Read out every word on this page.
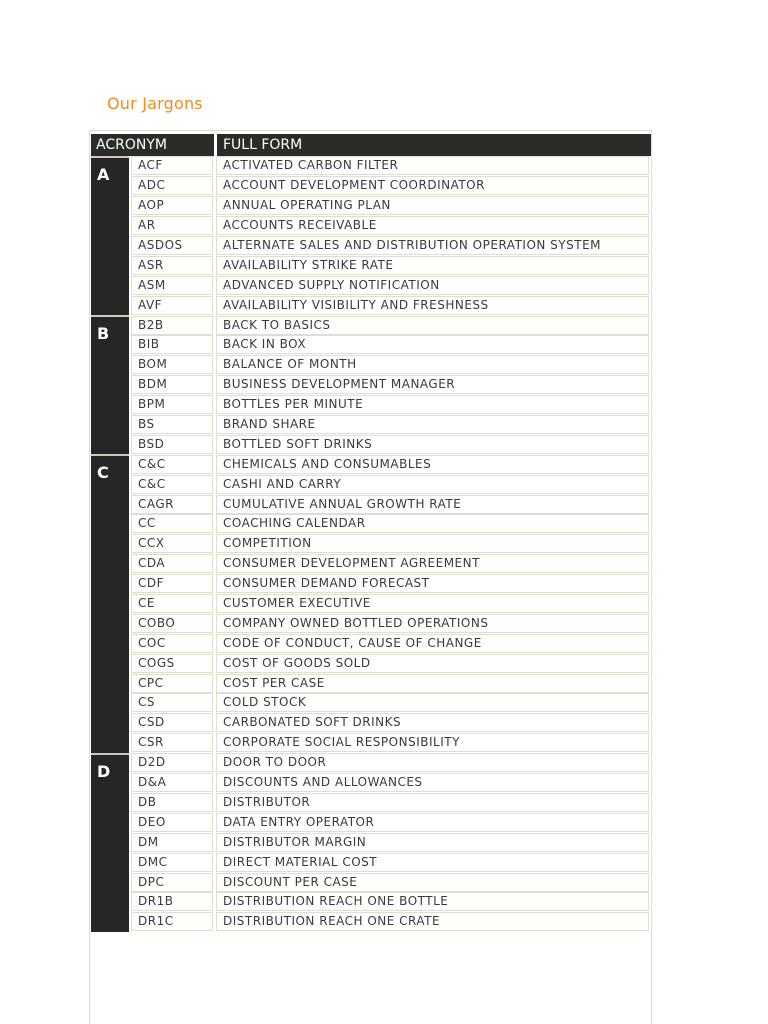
Our Jargons
ACRONYM	FULL FORM
A	ACF	ACTIVATED CARBON FILTER
ADC	ACCOUNT DEVELOPMENT COORDINATOR
AOP	ANNUAL OPERATING PLAN
AR	ACCOUNTS RECEIVABLE
ASDOS	ALTERNATE SALES AND DISTRIBUTION OPERATION SYSTEM
ASR	AVAILABILITY STRIKE RATE
ASM	ADVANCED SUPPLY NOTIFICATION
AVF	AVAILABILITY VISIBILITY AND FRESHNESS
B	B2B	BACK TO BASICS
BIB	BACK IN BOX
BOM	BALANCE OF MONTH
BDM	BUSINESS DEVELOPMENT MANAGER
BPM	BOTTLES PER MINUTE
BS	BRAND SHARE
BSD	BOTTLED SOFT DRINKS
C	C&C	CHEMICALS AND CONSUMABLES
C&C	CASHI AND CARRY
CAGR	CUMULATIVE ANNUAL GROWTH RATE
CC	COACHING CALENDAR
CCX	COMPETITION
CDA	CONSUMER DEVELOPMENT AGREEMENT
CDF	CONSUMER DEMAND FORECAST
CE	CUSTOMER EXECUTIVE
COBO	COMPANY OWNED BOTTLED OPERATIONS
COC	CODE OF CONDUCT, CAUSE OF CHANGE
COGS	COST OF GOODS SOLD
CPC	COST PER CASE
CS	COLD STOCK
CSD	CARBONATED SOFT DRINKS
CSR	CORPORATE SOCIAL RESPONSIBILITY
D	D2D	DOOR TO DOOR
D&A	DISCOUNTS AND ALLOWANCES
DB	DISTRIBUTOR
DEO	DATA ENTRY OPERATOR
DM	DISTRIBUTOR MARGIN
DMC	DIRECT MATERIAL COST
DPC	DISCOUNT PER CASE
DR1B	DISTRIBUTION REACH ONE BOTTLE
DR1C	DISTRIBUTION REACH ONE CRATE
